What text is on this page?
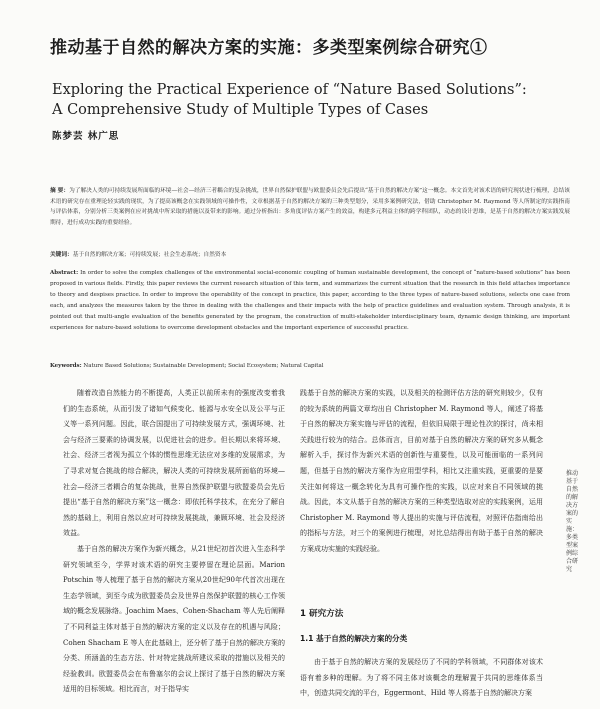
推动基于自然的解决方案的实施：多类型案例综合研究①
Exploring the Practical Experience of “Nature Based Solutions”:
A Comprehensive Study of Multiple Types of Cases
陈梦芸 林广思
摘 要：为了解决人类的可持续发展所面临的环境—社会—经济三者耦合的复杂挑战，世界自然保护联盟与欧盟委员会先后提出“基于自然的解决方案”这一概念。本文首先对该术语的研究现状进行梳理，总结该术语的研究存在重理论轻实践的现状，为了提高该概念在实践领域的可操作性，文章根据基于自然的解决方案的三种类型划分，采用多案例研究法，借助 Christopher M. Raymond 等人所制定的实践指南与评估体系，分别分析三类案例在应对挑战中所采取的措施以及带来的影响。通过分析指出：多角度评估方案产生的效益，构建多元利益主体的跨学科团队，动态的设计思维，是基于自然的解决方案实践发展期待，进行成功实践的重要经验。
关键词：基于自然的解决方案；可持续发展；社会生态系统；自然资本
Abstract: In order to solve the complex challenges of the environmental social-economic coupling of human sustainable development, the concept of “nature-based solutions” has been proposed in various fields. Firstly, this paper reviews the current research situation of this term, and summarizes the current situation that the research in this field attaches importance to theory and despises practice. In order to improve the operability of the concept in practice, this paper, according to the three types of nature-based solutions, selects one case from each, and analyzes the measures taken by the three in dealing with the challenges and their impacts with the help of practice guidelines and evaluation system. Through analysis, it is pointed out that multi-angle evaluation of the benefits generated by the program, the construction of multi-stakeholder interdisciplinary team, dynamic design thinking, are important experiences for nature-based solutions to overcome development obstacles and the important experience of successful practice.
Keywords: Nature Based Solutions; Sustainable Development; Social Ecosystem; Natural Capital

随着改造自然能力的不断提高，人类正以前所未有的强度改变着我们的生态系统，从而引发了诸如气候变化、能源与水安全以及公平与正义等一系列问题。因此，联合国提出了可持续发展方式，强调环境、社会与经济三要素的协调发展，以促进社会的进步。但长期以来将环境、社会、经济三者视为孤立个体的惯性思维无法应对多维的发展需求，为了寻求对复合挑战的综合解决，解决人类的可持续发展所面临的环境—社会—经济三者耦合的复杂挑战，世界自然保护联盟与欧盟委员会先后提出“基于自然的解决方案”这一概念：即依托科学技术，在充分了解自然的基础上，利用自然以应对可持续发展挑战，兼顾环境、社会及经济效益。

基于自然的解决方案作为新兴概念，从21世纪初首次进入生态科学研究领域至今，学界对该术语的研究主要停留在理论层面。Marion Potschin 等人梳理了基于自然的解决方案从20世纪90年代首次出现在生态学领域，到至今成为欧盟委员会及世界自然保护联盟的核心工作领域的概念发展脉络。Joachim Maes、Cohen-Shacham 等人先后阐释了不同利益主体对基于自然的解决方案的定义以及存在的机遇与风险；Cohen Shacham E 等人在此基础上，还分析了基于自然的解决方案的分类、所涵盖的生态方法、针对特定挑战所建议采取的措施以及相关的经验教训。欧盟委员会在布鲁塞尔的会议上探讨了基于自然的解决方案适用的目标领域。相比而言，对于指导实

践基于自然的解决方案的实践，以及相关的检测评估方法的研究则较少，仅有的较为系统的两篇文章均出自 Christopher M. Raymond 等人，阐述了将基于自然的解决方案实施与评估的流程，但依旧局限于理论性次的探讨，尚未相关践进行较为的结合。总体而言，目前对基于自然的解决方案的研究多从概念解析入手，探讨作为新兴术语的创新性与重要性，以及可能面临的一系列问题，但基于自然的解决方案作为应用型学科，相比又注重实践，更重要的是要关注如何将这一概念转化为具有可操作性的实践，以应对来自不同领域的挑战。因此，本文从基于自然的解决方案的三种类型选取对应的实践案例，运用 Christopher M. Raymond 等人提出的实施与评估流程，对照评估指南给出的指标与方法，对三个的案例进行梳理，对比总结得出有助于基于自然的解决方案成功实施的实践经验。

1 研究方法
1.1 基于自然的解决方案的分类

由于基于自然的解决方案的发展经历了不同的学科领域，不同群体对该术语有着多种的理解。为了将不同主体对该概念的理解置于共同的思维体系当中，创造共同交流的平台，Eggermont、Hild 等人将基于自然的解决方案

推动基于自然的解决方案的实施：多类型案例综合研究
